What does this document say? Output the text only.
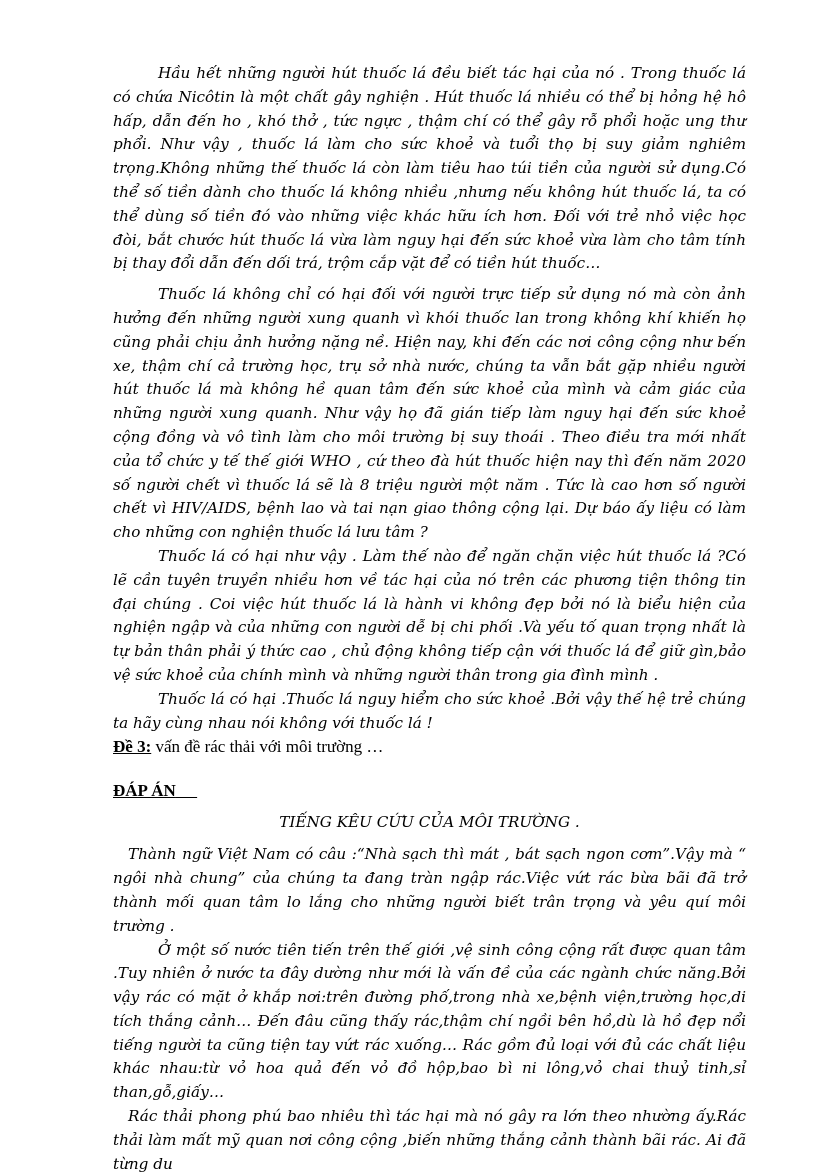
Hầu hết những người hút thuốc lá đều biết tác hại của nó . Trong thuốc lá có chứa Nicôtin là một chất gây nghiện . Hút thuốc lá nhiều có thể bị hỏng hệ hô hấp, dẫn đến ho , khó thở , tức ngực , thậm chí có thể gây rỗ phổi hoặc ung thư phổi. Như vậy , thuốc lá làm cho sức khoẻ và tuổi thọ bị suy giảm nghiêm trọng.Không những thế thuốc lá còn làm tiêu hao túi tiền của người sử dụng.Có thể số tiền dành cho thuốc lá không nhiều ,nhưng nếu không hút thuốc lá, ta có thể dùng số tiền đó vào những việc khác hữu ích hơn. Đối với trẻ nhỏ việc học đòi, bắt chước hút thuốc lá vừa làm nguy hại đến sức khoẻ vừa làm cho tâm tính bị thay đổi dẫn đến dối trá, trộm cắp vặt để có tiền hút thuốc…

Thuốc lá không chỉ có hại đối với người trực tiếp sử dụng nó mà còn ảnh hưởng đến những người xung quanh vì khói thuốc lan trong không khí khiến họ cũng phải chịu ảnh hưởng nặng nề. Hiện nay, khi đến các nơi công cộng như bến xe, thậm chí cả trường học, trụ sở nhà nước, chúng ta vẫn bắt gặp nhiều người hút thuốc lá mà không hề quan tâm đến sức khoẻ của mình và cảm giác của những người xung quanh. Như vậy họ đã gián tiếp làm nguy hại đến sức khoẻ cộng đồng và vô tình làm cho môi trường bị suy thoái . Theo điều tra mới nhất của tổ chức y tế thế giới WHO , cứ theo đà hút thuốc hiện nay thì đến năm 2020 số người chết vì thuốc lá sẽ là 8 triệu người một năm . Tức là cao hơn số người chết vì HIV/AIDS, bệnh lao và tai nạn giao thông cộng lại. Dự báo ấy liệu có làm cho những con nghiện thuốc lá lưu tâm ?

Thuốc lá có hại như vậy . Làm thế nào để ngăn chặn việc hút thuốc lá ?Có lẽ cần tuyên truyền nhiều hơn về tác hại của nó trên các phương tiện thông tin đại chúng . Coi việc hút thuốc lá là hành vi không đẹp bởi nó là biểu hiện của nghiện ngập và của những con người dễ bị chi phối .Và yếu tố quan trọng nhất là tự bản thân phải ý thức cao , chủ động không tiếp cận với thuốc lá để giữ gìn,bảo vệ sức khoẻ của chính mình và những người thân trong gia đình mình .

Thuốc lá có hại .Thuốc lá nguy hiểm cho sức khoẻ .Bởi vậy thế hệ trẻ chúng ta hãy cùng nhau nói không với thuốc lá !

Đề 3: vấn đề rác thải với môi trường …
ĐÁP ÁN
TIẾNG KÊU CỨU CỦA MÔI TRƯỜNG .

Thành ngữ Việt Nam có câu :“Nhà sạch thì mát , bát sạch ngon cơm”.Vậy mà “ ngôi nhà chung” của chúng ta đang tràn ngập rác.Việc vứt rác bừa bãi đã trở thành mối quan tâm lo lắng cho những người biết trân trọng và yêu quí môi trường .

Ở một số nước tiên tiến trên thế giới ,vệ sinh công cộng rất được quan tâm .Tuy nhiên ở nước ta đây dường như mới là vấn đề của các ngành chức năng.Bởi vậy rác có mặt ở khắp nơi:trên đường phố,trong nhà xe,bệnh viện,trường học,di tích thắng cảnh… Đến đâu cũng thấy rác,thậm chí ngồi bên hồ,dù là hồ đẹp nổi tiếng người ta cũng tiện tay vứt rác xuống… Rác gồm đủ loại với đủ các chất liệu khác nhau:từ vỏ hoa quả đến vỏ đồ hộp,bao bì ni lông,vỏ chai thuỷ tinh,sỉ than,gỗ,giấy…

Rác thải phong phú bao nhiêu thì tác hại mà nó gây ra lớn theo nhường ấy.Rác thải làm mất mỹ quan nơi công cộng ,biến những thắng cảnh thành bãi rác. Ai đã từng du
